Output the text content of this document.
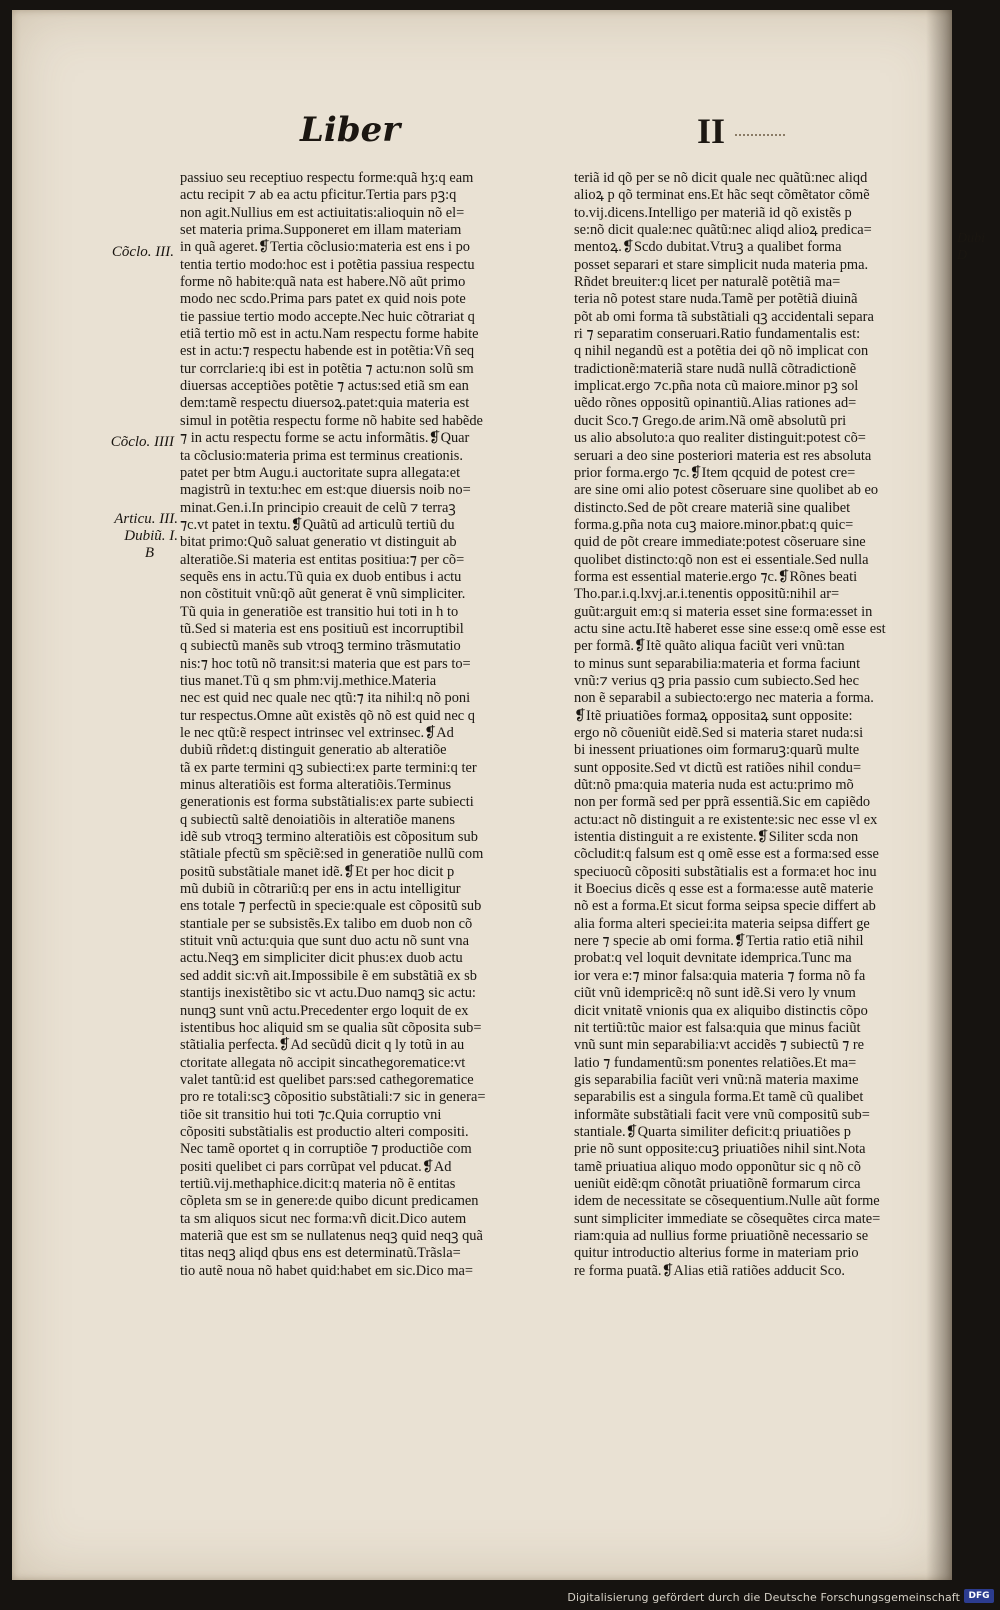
Liber	II
Cõclo. III.
Cõclo. IIII
Articu. III.
Dubiũ. I.
B
Dubi
D

passiuo seu receptiuo respectu forme:quã hʒ:q eam

actu recipit ⁊ ab ea actu pficitur.Tertia pars pꝫ:q

non agit.Nullius em est actiuitatis:alioquin nõ el=

set materia prima.Supponeret em illam materiam

in quã ageret.❡Tertia cõclusio:materia est ens i po

tentia tertio modo:hoc est i potẽtia passiua respectu

forme nõ habite:quã nata est habere.Nõ aũt primo

modo nec scdo.Prima pars patet ex quid nois pote

tie passiue tertio modo accepte.Nec huic cõtrariat q

etiã tertio mõ est in actu.Nam respectu forme habite

est in actu:⁊ respectu habende est in potẽtia:Vñ seq

tur corrclarie:q ibi est in potẽtia ⁊ actu:non solũ sm

diuersas acceptiões potẽtie ⁊ actus:sed etiã sm ean

dem:tamẽ respectu diuersoꝝ.patet:quia materia est

simul in potẽtia respectu forme nõ habite sed habẽde

⁊ in actu respectu forme se actu informãtis.❡Quar

ta cõclusio:materia prima est terminus creationis.

patet per btm Augu.i auctoritate supra allegata:et

magistrũ in textu:hec em est:que diuersis noib no=

minat.Gen.i.In principio creauit de celũ ⁊ terraꝫ

⁊c.vt patet in textu.❡Quãtũ ad articulũ tertiũ du

bitat primo:Quõ saluat generatio vt distinguit ab

alteratiõe.Si materia est entitas positiua:⁊ per cõ=

sequẽs ens in actu.Tũ quia ex duob entibus i actu

non cõstituit vnũ:qõ aũt generat ẽ vnũ simpliciter.

Tũ quia in generatiõe est transitio hui toti in h to

tũ.Sed si materia est ens positiuũ est incorruptibil

q subiectũ manẽs sub vtroqꝫ termino trãsmutatio

nis:⁊ hoc totũ nõ transit:si materia que est pars to=

tius manet.Tũ q sm phm:vij.methice.Materia

nec est quid nec quale nec qtũ:⁊ ita nihil:q nõ poni

tur respectus.Omne aũt existẽs qõ nõ est quid nec q

le nec qtũ:ẽ respect intrinsec vel extrinsec.❡Ad

dubiũ rñdet:q distinguit generatio ab alteratiõe

tã ex parte termini qꝫ subiecti:ex parte termini:q ter

minus alteratiõis est forma alteratiõis.Terminus

generationis est forma substãtialis:ex parte subiecti

q subiectũ saltẽ denoiatiõis in alteratiõe manens

idẽ sub vtroqꝫ termino alteratiõis est cõpositum sub

stãtiale pfectũ sm spẽciẽ:sed in generatiõe nullũ com

positũ substãtiale manet idẽ.❡Et per hoc dicit p

mũ dubiũ in cõtrariũ:q per ens in actu intelligitur

ens totale ⁊ perfectũ in specie:quale est cõpositũ sub

stantiale per se subsistẽs.Ex talibo em duob non cõ

stituit vnũ actu:quia que sunt duo actu nõ sunt vna

actu.Neqꝫ em simpliciter dicit phus:ex duob actu

sed addit sic:vñ ait.Impossibile ẽ em substãtiã ex sb

stantijs inexistẽtibo sic vt actu.Duo namqꝫ sic actu:

nunqꝫ sunt vnũ actu.Precedenter ergo loquit de ex

istentibus hoc aliquid sm se qualia sũt cõposita sub=

stãtialia perfecta.❡Ad secũdũ dicit q ly totũ in au

ctoritate allegata nõ accipit sincathegorematice:vt

valet tantũ:id est quelibet pars:sed cathegorematice

pro re totali:scꝫ cõpositio substãtiali:⁊ sic in genera=

tiõe sit transitio hui toti ⁊c.Quia corruptio vni

cõpositi substãtialis est productio alteri compositi.

Nec tamẽ oportet q in corruptiõe ⁊ productiõe com

positi quelibet ci pars corrũpat vel pducat.❡Ad

tertiũ.vij.methaphice.dicit:q materia nõ ẽ entitas

cõpleta sm se in genere:de quibo dicunt predicamen

ta sm aliquos sicut nec forma:vñ dicit.Dico autem

materiã que est sm se nullatenus neqꝫ quid neqꝫ quã

titas neqꝫ aliqd qbus ens est determinatũ.Trãsla=

tio autẽ noua nõ habet quid:habet em sic.Dico ma=

teriã id qõ per se nõ dicit quale nec quãtũ:nec aliqd

alioꝝ p qõ terminat ens.Et hãc seqt cõmẽtator cõmẽ

to.vij.dicens.Intelligo per materiã id qõ existẽs p

se:nõ dicit quale:nec quãtũ:nec aliqd alioꝝ predica=

mentoꝝ.❡Scdo dubitat.Vtruꝫ a qualibet forma

posset separari et stare simplicit nuda materia pma.

Rñdet breuiter:q licet per naturalẽ potẽtiã ma=

teria nõ potest stare nuda.Tamẽ per potẽtiã diuinã

põt ab omi forma tã substãtiali qꝫ accidentali separa

ri ⁊ separatim conseruari.Ratio fundamentalis est:

q nihil negandũ est a potẽtia dei qõ nõ implicat con

tradictionẽ:materiã stare nudã nullã cõtradictionẽ

implicat.ergo ⁊c.pña nota cũ maiore.minor pꝫ sol

uẽdo rõnes oppositũ opinantiũ.Alias rationes ad=

ducit Sco.⁊ Grego.de arim.Nã omẽ absolutũ pri

us alio absoluto:a quo realiter distinguit:potest cõ=

seruari a deo sine posteriori materia est res absoluta

prior forma.ergo ⁊c.❡Item qcquid de potest cre=

are sine omi alio potest cõseruare sine quolibet ab eo

distincto.Sed de põt creare materiã sine qualibet

forma.g.pña nota cuꝫ maiore.minor.pbat:q quic=

quid de põt creare immediate:potest cõseruare sine

quolibet distincto:qõ non est ei essentiale.Sed nulla

forma est essential materie.ergo ⁊c.❡Rõnes beati

Tho.par.i.q.lxvj.ar.i.tenentis oppositũ:nihil ar=

guũt:arguit em:q si materia esset sine forma:esset in

actu sine actu.Itẽ haberet esse sine esse:q omẽ esse est

per formã.❡Itẽ quãto aliqua faciũt veri vnũ:tan

to minus sunt separabilia:materia et forma faciunt

vnũ:⁊ verius qꝫ pria passio cum subiecto.Sed hec

non ẽ separabil a subiecto:ergo nec materia a forma.

❡Itẽ priuatiões formaꝝ oppositaꝝ sunt opposite:

ergo nõ cõueniũt eidẽ.Sed si materia staret nuda:si

bi inessent priuationes oim formaruꝫ:quarũ multe

sunt opposite.Sed vt dictũ est ratiões nihil condu=

dũt:nõ pma:quia materia nuda est actu:primo mõ

non per formã sed per pprã essentiã.Sic em capiẽdo

actu:act nõ distinguit a re existente:sic nec esse vl ex

istentia distinguit a re existente.❡Siliter scda non

cõcludit:q falsum est q omẽ esse est a forma:sed esse

speciuocũ cõpositi substãtialis est a forma:et hoc inu

it Boecius dicẽs q esse est a forma:esse autẽ materie

nõ est a forma.Et sicut forma seipsa specie differt ab

alia forma alteri speciei:ita materia seipsa differt ge

nere ⁊ specie ab omi forma.❡Tertia ratio etiã nihil

probat:q vel loquit devnitate idemprica.Tunc ma

ior vera e:⁊ minor falsa:quia materia ⁊ forma nõ fa

ciũt vnũ idempricẽ:q nõ sunt idẽ.Si vero ly vnum

dicit vnitatẽ vnionis qua ex aliquibo distinctis cõpo

nit tertiũ:tũc maior est falsa:quia que minus faciũt

vnũ sunt min separabilia:vt accidẽs ⁊ subiectũ ⁊ re

latio ⁊ fundamentũ:sm ponentes relatiões.Et ma=

gis separabilia faciũt veri vnũ:nã materia maxime

separabilis est a singula forma.Et tamẽ cũ qualibet

informãte substãtiali facit vere vnũ compositũ sub=

stantiale.❡Quarta similiter deficit:q priuatiões p

prie nõ sunt opposite:cuꝫ priuatiões nihil sint.Nota

tamẽ priuatiua aliquo modo opponũtur sic q nõ cõ

ueniũt eidẽ:qm cõnotãt priuatiõnẽ formarum circa

idem de necessitate se cõsequentium.Nulle aũt forme

sunt simpliciter immediate se cõsequẽtes circa mate=

riam:quia ad nullius forme priuatiõnẽ necessario se

quitur introductio alterius forme in materiam prio

re forma puatã.❡Alias etiã ratiões adducit Sco.

Digitalisierung gefördert durch die Deutsche Forschungsgemeinschaft DFG
